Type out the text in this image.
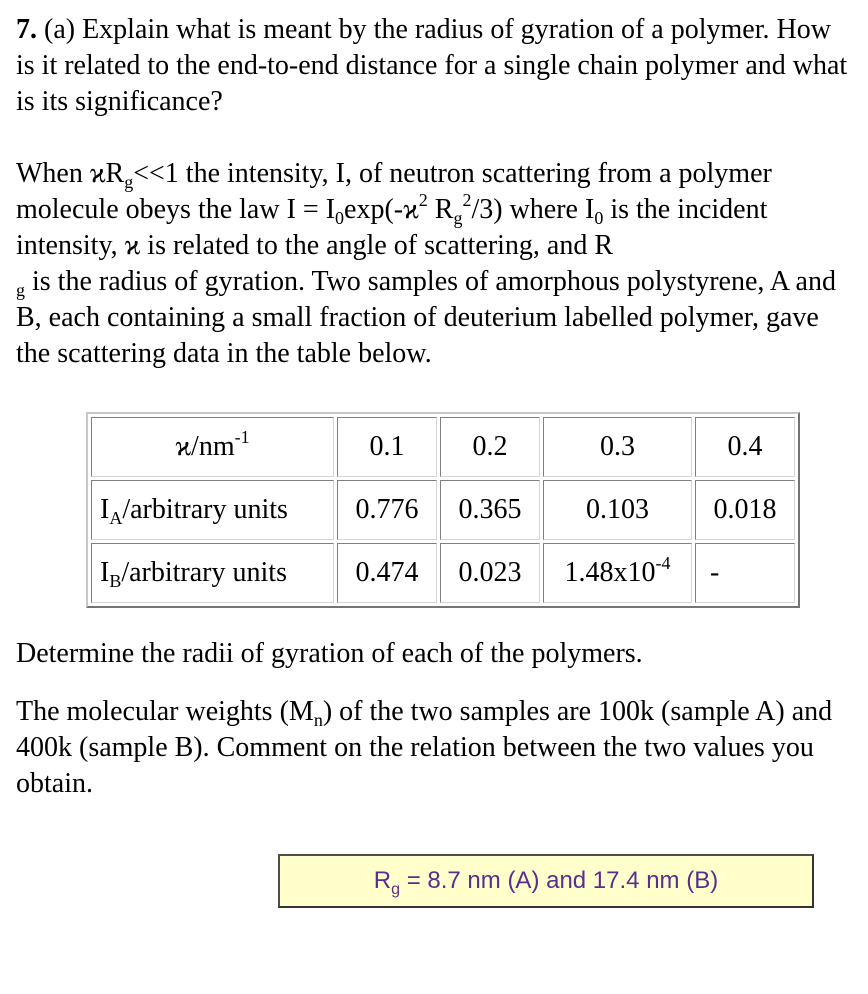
7. (a) Explain what is meant by the radius of gyration of a polymer. How is it related to the end-to-end distance for a single chain polymer and what is its significance?

When $ϰR_g<<1$ the intensity, I, of neutron scattering from a polymer molecule obeys the law $I = I_0\exp(-ϰ^2$ $R_g^2/3$) where $I_0$ is the incident intensity, ϰ is related to the angle of scattering, and R
$_g$ is the radius of gyration. Two samples of amorphous polystyrene, A and B, each containing a small fraction of deuterium labelled polymer, gave the scattering data in the table below.

$ϰ/nm^{-1}$	0.1	0.2	0.3	0.4
$I_A$/arbitrary units	0.776	0.365	0.103	0.018
$I_B$/arbitrary units	0.474	0.023	$1.48x10^{-4}$	-

Determine the radii of gyration of each of the polymers.

The molecular weights $(M_n)$ of the two samples are 100k (sample A) and 400k (sample B). Comment on the relation between the two values you obtain.

$R_g = 8.7$ nm (A) and 17.4 nm (B)
